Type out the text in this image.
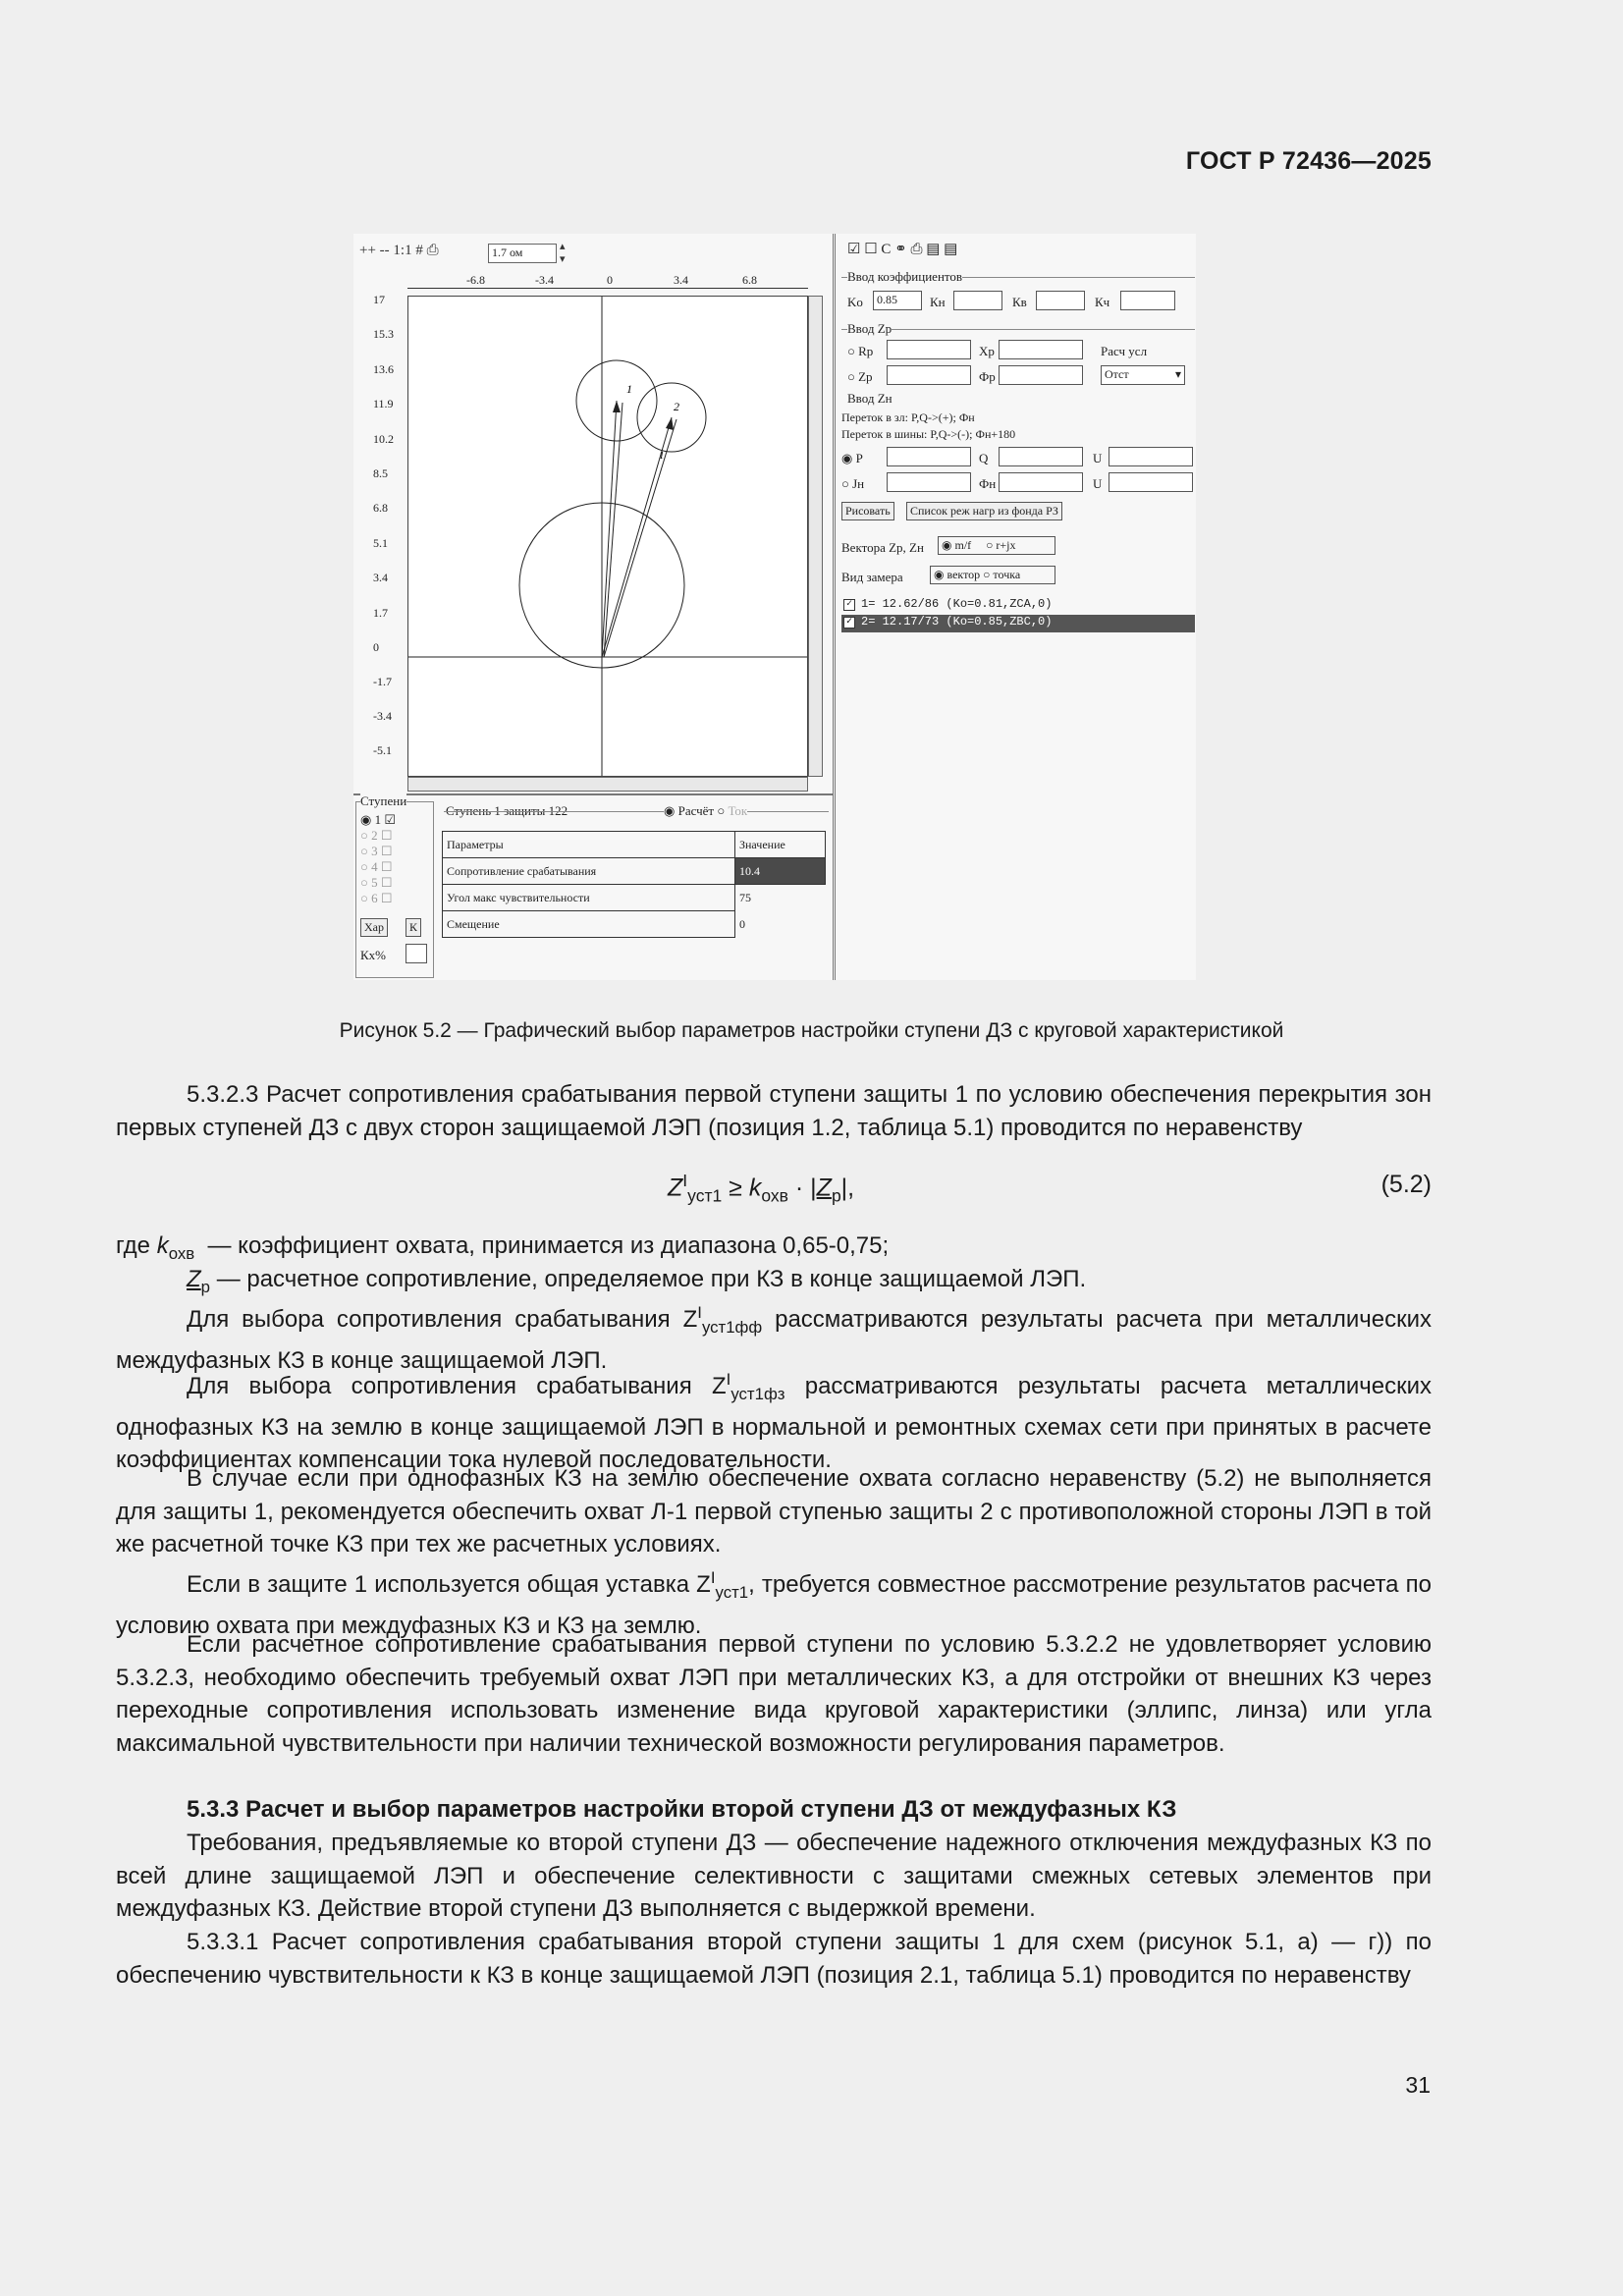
ГОСТ Р 72436—2025
++ -- 1:1 # ⎙	1.7 ом	▴
▾
-6.8	-3.4	0	3.4	6.8
17
15.3
13.6
11.9
10.2
8.5
6.8
5.1
3.4
1.7
0
-1.7
-3.4
-5.1
1
2
1
☑ ☐ C ⚭ ⎙ ▤ ▤
Ввод коэффициентов
Ko	0.85	Кн	Кв	Кч
Ввод Zp
○ Rp	Xp	Расч усл
○ Zp	Фр	Отст	▾
Ввод Zн
Переток в зл: P,Q->(+); Фн
Переток в шины: P,Q->(-); Фн+180
◉ P	Q	U
○ Jн	Фн	U
Рисовать	Список реж нагр из фонда РЗ
Вектора Zp, Zн	◉ m/f     ○ r+jx
Вид замера	◉ вектор ○ точка
✓ 1= 12.62/86 (Ko=0.81,ZCA,0)
✓ 2= 12.17/73 (Ko=0.85,ZBC,0)
Ступени
◉ 1 ☑
○ 2 ☐
○ 3 ☐
○ 4 ☐
○ 5 ☐
○ 6 ☐
Хар	К
Кх%
Ступень 1 защиты 122	◉ Расчёт ○ Ток
Параметры	Значение
Сопротивление срабатывания	10.4
Угол макс чувствительности	75
Смещение	0
Рисунок 5.2 — Графический выбор параметров настройки ступени ДЗ с круговой характеристикой

5.3.2.3 Расчет сопротивления срабатывания первой ступени защиты 1 по условию обеспечения перекрытия зон первых ступеней ДЗ с двух сторон защищаемой ЛЭП (позиция 1.2, таблица 5.1) проводится по неравенству

$Z^I_{уст1} \ge k_{охв} \cdot |Z_р|$,	(5.2)

где $k_{охв}$ — коэффициент охвата, принимается из диапазона 0,65-0,75;

$Z_р$ — расчетное сопротивление, определяемое при КЗ в конце защищаемой ЛЭП.

Для выбора сопротивления срабатывания $Z^I_{уст1фф}$ рассматриваются результаты расчета при металлических междуфазных КЗ в конце защищаемой ЛЭП.

Для выбора сопротивления срабатывания $Z^I_{уст1фз}$ рассматриваются результаты расчета металлических однофазных КЗ на землю в конце защищаемой ЛЭП в нормальной и ремонтных схемах сети при принятых в расчете коэффициентах компенсации тока нулевой последовательности.

В случае если при однофазных КЗ на землю обеспечение охвата согласно неравенству (5.2) не выполняется для защиты 1, рекомендуется обеспечить охват Л-1 первой ступенью защиты 2 с противоположной стороны ЛЭП в той же расчетной точке КЗ при тех же расчетных условиях.

Если в защите 1 используется общая уставка $Z^I_{уст1}$, требуется совместное рассмотрение результатов расчета по условию охвата при междуфазных КЗ и КЗ на землю.

Если расчетное сопротивление срабатывания первой ступени по условию 5.3.2.2 не удовлетворяет условию 5.3.2.3, необходимо обеспечить требуемый охват ЛЭП при металлических КЗ, а для отстройки от внешних КЗ через переходные сопротивления использовать изменение вида круговой характеристики (эллипс, линза) или угла максимальной чувствительности при наличии технической возможности регулирования параметров.

5.3.3 Расчет и выбор параметров настройки второй ступени ДЗ от междуфазных КЗ

Требования, предъявляемые ко второй ступени ДЗ — обеспечение надежного отключения междуфазных КЗ по всей длине защищаемой ЛЭП и обеспечение селективности с защитами смежных сетевых элементов при междуфазных КЗ. Действие второй ступени ДЗ выполняется с выдержкой времени.

5.3.3.1 Расчет сопротивления срабатывания второй ступени защиты 1 для схем (рисунок 5.1, а) — г)) по обеспечению чувствительности к КЗ в конце защищаемой ЛЭП (позиция 2.1, таблица 5.1) проводится по неравенству

31
